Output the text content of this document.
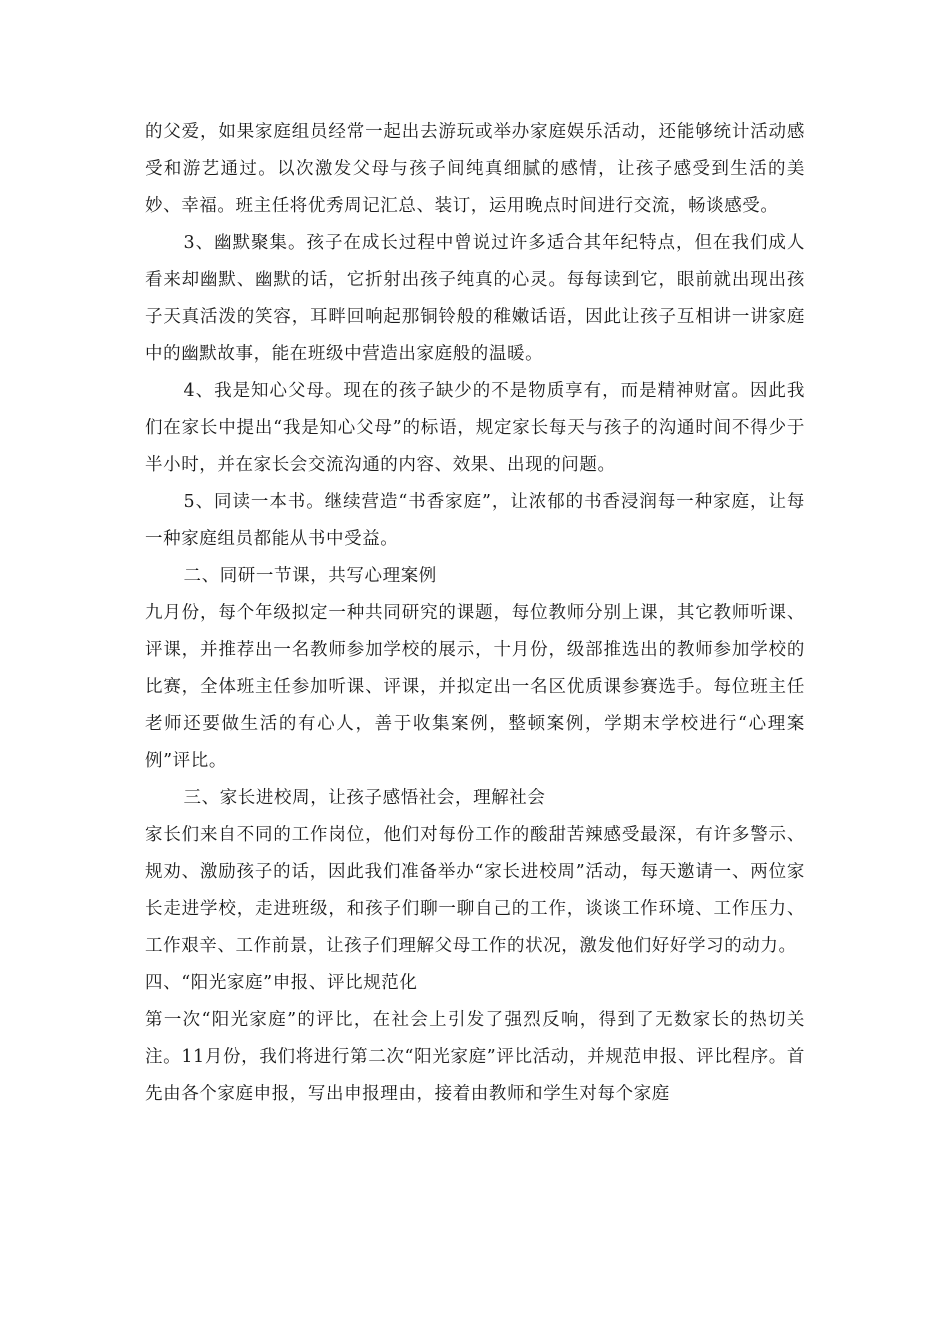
的父爱，如果家庭组员经常一起出去游玩或举办家庭娱乐活动，还能够统计活动感受和游艺通过。以次激发父母与孩子间纯真细腻的感情，让孩子感受到生活的美妙、幸福。班主任将优秀周记汇总、装订，运用晚点时间进行交流，畅谈感受。

3、幽默聚集。孩子在成长过程中曾说过许多适合其年纪特点，但在我们成人看来却幽默、幽默的话，它折射出孩子纯真的心灵。每每读到它，眼前就出现出孩子天真活泼的笑容，耳畔回响起那铜铃般的稚嫩话语，因此让孩子互相讲一讲家庭中的幽默故事，能在班级中营造出家庭般的温暖。

4、我是知心父母。现在的孩子缺少的不是物质享有，而是精神财富。因此我们在家长中提出“我是知心父母”的标语，规定家长每天与孩子的沟通时间不得少于半小时，并在家长会交流沟通的内容、效果、出现的问题。

5、同读一本书。继续营造“书香家庭”，让浓郁的书香浸润每一种家庭，让每一种家庭组员都能从书中受益。

二、同研一节课，共写心理案例

九月份，每个年级拟定一种共同研究的课题，每位教师分别上课，其它教师听课、评课，并推荐出一名教师参加学校的展示，十月份，级部推选出的教师参加学校的比赛，全体班主任参加听课、评课，并拟定出一名区优质课参赛选手。每位班主任老师还要做生活的有心人，善于收集案例，整顿案例，学期末学校进行“心理案例”评比。

三、家长进校周，让孩子感悟社会，理解社会

家长们来自不同的工作岗位，他们对每份工作的酸甜苦辣感受最深，有许多警示、规劝、激励孩子的话，因此我们准备举办“家长进校周”活动，每天邀请一、两位家长走进学校，走进班级，和孩子们聊一聊自己的工作，谈谈工作环境、工作压力、工作艰辛、工作前景，让孩子们理解父母工作的状况，激发他们好好学习的动力。

四、“阳光家庭”申报、评比规范化

第一次“阳光家庭”的评比，在社会上引发了强烈反响，得到了无数家长的热切关注。11月份，我们将进行第二次“阳光家庭”评比活动，并规范申报、评比程序。首先由各个家庭申报，写出申报理由，接着由教师和学生对每个家庭
